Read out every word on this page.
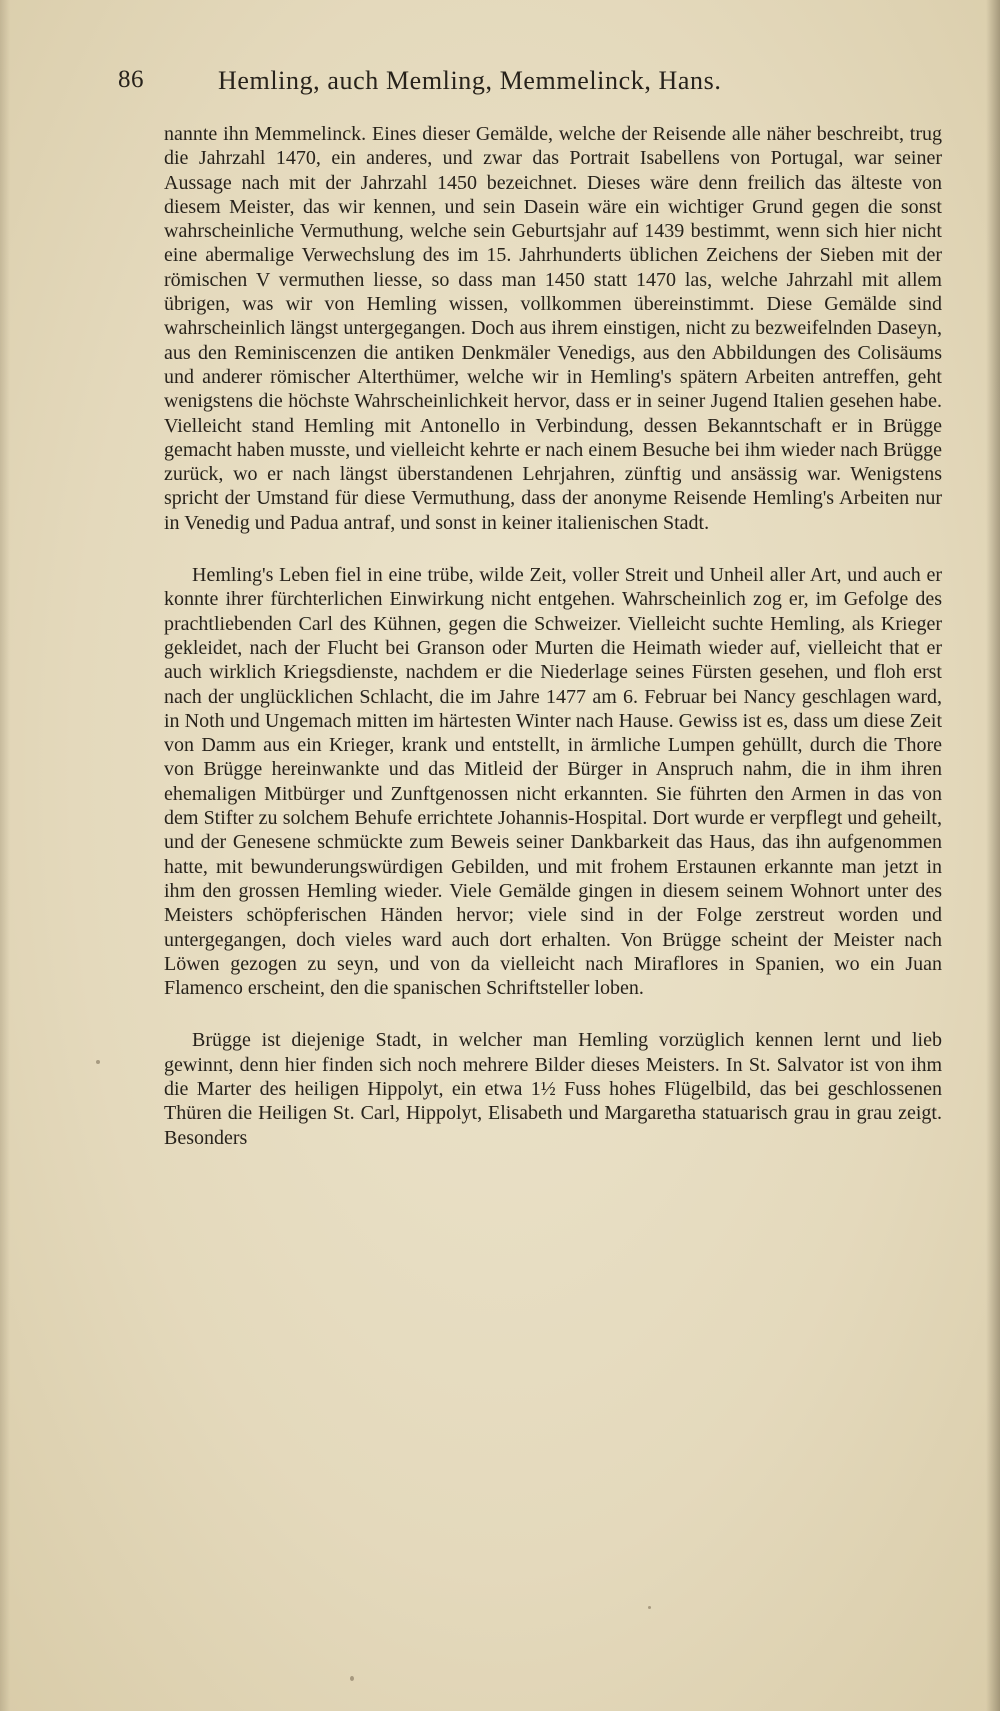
86	Hemling, auch Memling, Memmelinck, Hans.

nannte ihn Memmelinck. Eines dieser Gemälde, welche der Reisende alle näher beschreibt, trug die Jahrzahl 1470, ein anderes, und zwar das Portrait Isabellens von Portugal, war seiner Aussage nach mit der Jahrzahl 1450 bezeichnet. Dieses wäre denn freilich das älteste von diesem Meister, das wir kennen, und sein Dasein wäre ein wichtiger Grund gegen die sonst wahrscheinliche Vermuthung, welche sein Geburtsjahr auf 1439 bestimmt, wenn sich hier nicht eine abermalige Verwechslung des im 15. Jahrhunderts üblichen Zeichens der Sieben mit der römischen V vermuthen liesse, so dass man 1450 statt 1470 las, welche Jahrzahl mit allem übrigen, was wir von Hemling wissen, vollkommen übereinstimmt. Diese Gemälde sind wahrscheinlich längst untergegangen. Doch aus ihrem einstigen, nicht zu bezweifelnden Daseyn, aus den Reminiscenzen die antiken Denkmäler Venedigs, aus den Abbildungen des Colisäums und anderer römischer Alterthümer, welche wir in Hemling's spätern Arbeiten antreffen, geht wenigstens die höchste Wahrscheinlichkeit hervor, dass er in seiner Jugend Italien gesehen habe. Vielleicht stand Hemling mit Antonello in Verbindung, dessen Bekanntschaft er in Brügge gemacht haben musste, und vielleicht kehrte er nach einem Besuche bei ihm wieder nach Brügge zurück, wo er nach längst überstandenen Lehrjahren, zünftig und ansässig war. Wenigstens spricht der Umstand für diese Vermuthung, dass der anonyme Reisende Hemling's Arbeiten nur in Venedig und Padua antraf, und sonst in keiner italienischen Stadt.

Hemling's Leben fiel in eine trübe, wilde Zeit, voller Streit und Unheil aller Art, und auch er konnte ihrer fürchterlichen Einwirkung nicht entgehen. Wahrscheinlich zog er, im Gefolge des prachtliebenden Carl des Kühnen, gegen die Schweizer. Vielleicht suchte Hemling, als Krieger gekleidet, nach der Flucht bei Granson oder Murten die Heimath wieder auf, vielleicht that er auch wirklich Kriegsdienste, nachdem er die Niederlage seines Fürsten gesehen, und floh erst nach der unglücklichen Schlacht, die im Jahre 1477 am 6. Februar bei Nancy geschlagen ward, in Noth und Ungemach mitten im härtesten Winter nach Hause. Gewiss ist es, dass um diese Zeit von Damm aus ein Krieger, krank und entstellt, in ärmliche Lumpen gehüllt, durch die Thore von Brügge hereinwankte und das Mitleid der Bürger in Anspruch nahm, die in ihm ihren ehemaligen Mitbürger und Zunftgenossen nicht erkannten. Sie führten den Armen in das von dem Stifter zu solchem Behufe errichtete Johannis-Hospital. Dort wurde er verpflegt und geheilt, und der Genesene schmückte zum Beweis seiner Dankbarkeit das Haus, das ihn aufgenommen hatte, mit bewunderungswürdigen Gebilden, und mit frohem Erstaunen erkannte man jetzt in ihm den grossen Hemling wieder. Viele Gemälde gingen in diesem seinem Wohnort unter des Meisters schöpferischen Händen hervor; viele sind in der Folge zerstreut worden und untergegangen, doch vieles ward auch dort erhalten. Von Brügge scheint der Meister nach Löwen gezogen zu seyn, und von da vielleicht nach Miraflores in Spanien, wo ein Juan Flamenco erscheint, den die spanischen Schriftsteller loben.

Brügge ist diejenige Stadt, in welcher man Hemling vorzüglich kennen lernt und lieb gewinnt, denn hier finden sich noch mehrere Bilder dieses Meisters. In St. Salvator ist von ihm die Marter des heiligen Hippolyt, ein etwa 1½ Fuss hohes Flügelbild, das bei geschlossenen Thüren die Heiligen St. Carl, Hippolyt, Elisabeth und Margaretha statuarisch grau in grau zeigt. Besonders
